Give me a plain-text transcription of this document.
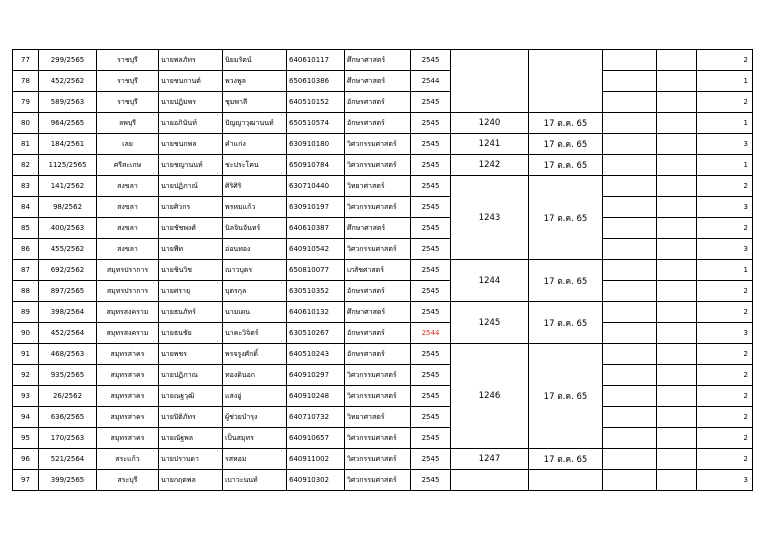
77	299/2565	ราชบุรี	นายพลภัทร	นิยมรัตน์	640610117	ศึกษาศาสตร์	2545					2
78	452/2562	ราชบุรี	นายชนกานต์	พวงพูล	650610386	ศึกษาศาสตร์	2544					1
79	589/2563	ราชบุรี	นายปฏิมพร	ชุมพาลี	640510152	อักษรศาสตร์	2545					2
80	964/2565	ลพบุรี	นายอภินันท์	ปัญญาวุฒานนท์	650510574	อักษรศาสตร์	2545	1240	17 ต.ค. 65			1
81	184/2561	เลย	นายชนกพล	คำแก่ง	630910180	วิศวกรรมศาสตร์	2545	1241	17 ต.ค. 65			3
82	1125/2565	ศรีสะเกษ	นายชญานนท์	ชะประโคน	650910784	วิศวกรรมศาสตร์	2545	1242	17 ต.ค. 65			1
83	141/2562	สงขลา	นายปฏิภาณ์	ศิริศิริ	630710440	วิทยาศาสตร์	2545	1243	17 ต.ค. 65			2
84	98/2562	สงขลา	นายศิวกร	พรหมแก้ว	630910197	วิศวกรรมศาสตร์	2545					3
85	400/2563	สงขลา	นายชัชพงศ์	นิลจินจันทร์	640610387	ศึกษาศาสตร์	2545					2
86	455/2562	สงขลา	นายพีท	อ่อนทอง	640910542	วิศวกรรมศาสตร์	2545					3
87	692/2562	สมุทรปราการ	นายชินวิช	ณาวบุตร	650810077	เภสัชศาสตร์	2545	1244	17 ต.ค. 65			1
88	897/2565	สมุทรปราการ	นายศรายุ	บุตรกุล	630510352	อักษรศาสตร์	2545					2
89	398/2564	สมุทรสงคราม	นายธนภัทร์	นามเดน	640610132	ศึกษาศาสตร์	2545	1245	17 ต.ค. 65			2
90	452/2564	สมุทรสงคราม	นายธนชัย	นาคะวิจิตร์	630510267	อักษรศาสตร์	2544					3
91	468/2563	สมุทรสาคร	นายพชร	พรจรูงศักดิ์	640510243	อักษรศาสตร์	2545	1246	17 ต.ค. 65			2
92	935/2565	สมุทรสาคร	นายปฏิภาณ	ทองดินอก	640910297	วิศวกรรมศาสตร์	2545					2
93	26/2562	สมุทรสาคร	นายณฐวุฒิ	แสงอู่	640910248	วิศวกรรมศาสตร์	2545					2
94	636/2565	สมุทรสาคร	นายปิติภัทร	ผู้ช่วยบำรุง	640710732	วิทยาศาสตร์	2545					2
95	170/2563	สมุทรสาคร	นายณัฐพล	เป็นสมุทร	640910657	วิศวกรรมศาสตร์	2545					2
96	521/2564	สระแก้ว	นายปราบดา	รสหอม	640911002	วิศวกรรมศาสตร์	2545	1247	17 ต.ค. 65			2
97	399/2565	สระบุรี	นายกฤตพล	เบาวะนนท์	640910302	วิศวกรรมศาสตร์	2545					3
